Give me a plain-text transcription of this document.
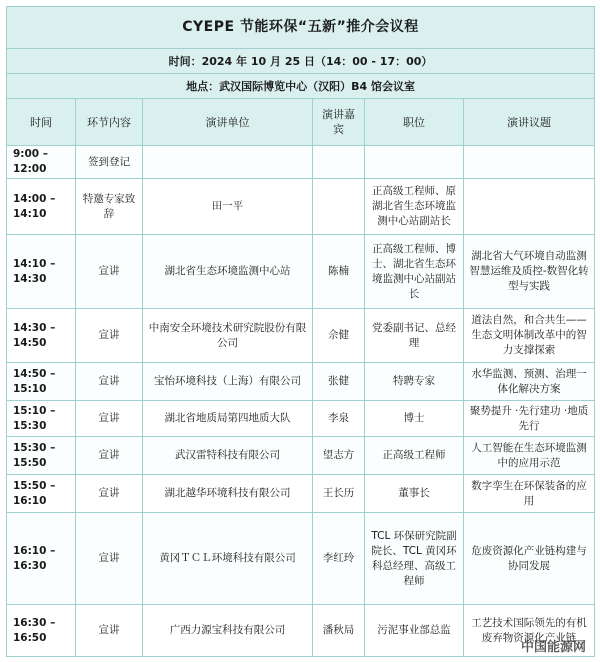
CYEPE 节能环保“五新”推介会议程					
时间：2024 年 10 月 25 日（14：00 - 17：00）					
地点：武汉国际博览中心（汉阳）B4 馆会议室					
时间	环节内容	演讲单位	演讲嘉宾	职位	演讲议题
9:00 – 12:00	签到登记				
14:00 – 14:10	特邀专家致辞	田一平		正高级工程师、原湖北省生态环境监测中心站副站长	
14:10 – 14:30	宣讲	湖北省生态环境监测中心站	陈楠	正高级工程师、博士、湖北省生态环境监测中心站副站长	湖北省大气环境自动监测智慧运维及质控-数智化转型与实践
14:30 – 14:50	宣讲	中南安全环境技术研究院股份有限公司	佘健	党委副书记、总经理	道法自然，和合共生——生态文明体制改革中的智力支撑探索
14:50 – 15:10	宣讲	宝怡环境科技（上海）有限公司	张健	特聘专家	水华监测、预测、治理一体化解决方案
15:10 – 15:30	宣讲	湖北省地质局第四地质大队	李泉	博士	聚势提升 ·先行建功 ·地质先行
15:30 – 15:50	宣讲	武汉雷特科技有限公司	望志方	正高级工程师	人工智能在生态环境监测中的应用示范
15:50 – 16:10	宣讲	湖北越华环境科技有限公司	王长历	董事长	数字孪生在环保装备的应用
16:10 – 16:30	宣讲	黄冈ＴＣＬ环境科技有限公司	李红玲	TCL 环保研究院副院长、TCL 黄冈环科总经理、高级工程师	危废资源化产业链构建与协同发展
16:30 – 16:50	宣讲	广西力源宝科技有限公司	潘秋局	污泥事业部总监	工艺技术国际领先的有机废弃物资源化产业链
中国能源网
